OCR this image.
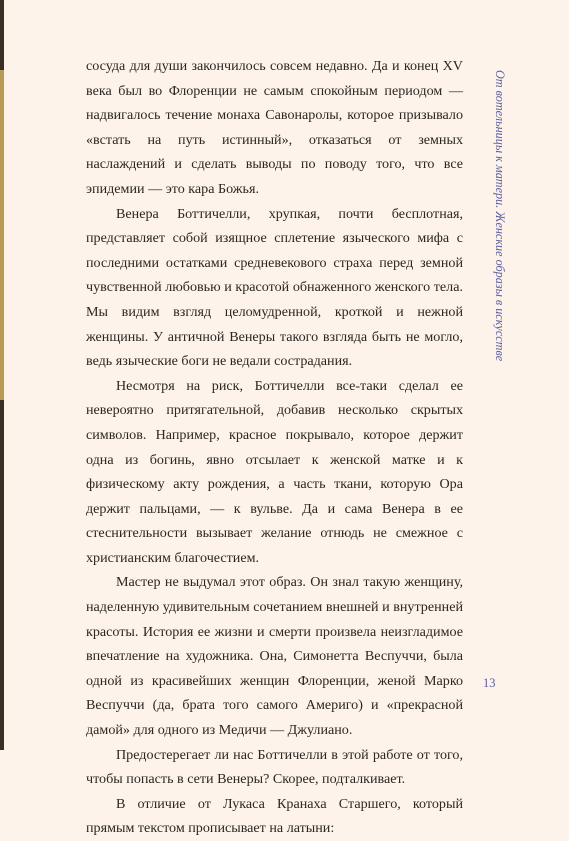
сосуда для души закончилось совсем недавно. Да и конец XV века был во Флоренции не самым спокойным периодом — надвигалось течение монаха Савонаролы, которое призывало «встать на путь истинный», отказаться от земных наслаждений и сделать выводы по поводу того, что все эпидемии — это кара Божья.

Венера Боттичелли, хрупкая, почти бесплотная, представляет собой изящное сплетение языческого мифа с последними остатками средневекового страха перед земной чувственной любовью и красотой обнаженного женского тела. Мы видим взгляд целомудренной, кроткой и нежной женщины. У античной Венеры такого взгляда быть не могло, ведь языческие боги не ведали сострадания.

Несмотря на риск, Боттичелли все-таки сделал ее невероятно притягательной, добавив несколько скрытых символов. Например, красное покрывало, которое держит одна из богинь, явно отсылает к женской матке и к физическому акту рождения, а часть ткани, которую Ора держит пальцами, — к вульве. Да и сама Венера в ее стеснительности вызывает желание отнюдь не смежное с христианским благочестием.

Мастер не выдумал этот образ. Он знал такую женщину, наделенную удивительным сочетанием внешней и внутренней красоты. История ее жизни и смерти произвела неизгладимое впечатление на художника. Она, Симонетта Веспуччи, была одной из красивейших женщин Флоренции, женой Марко Веспуччи (да, брата того самого Америго) и «прекрасной дамой» для одного из Медичи — Джулиано.

Предостерегает ли нас Боттичелли в этой работе от того, чтобы попасть в сети Венеры? Скорее, подталкивает.

В отличие от Лукаса Кранаха Старшего, который прямым текстом прописывает на латыни:

От вотельницы к матери. Женские образы в искусстве
13
